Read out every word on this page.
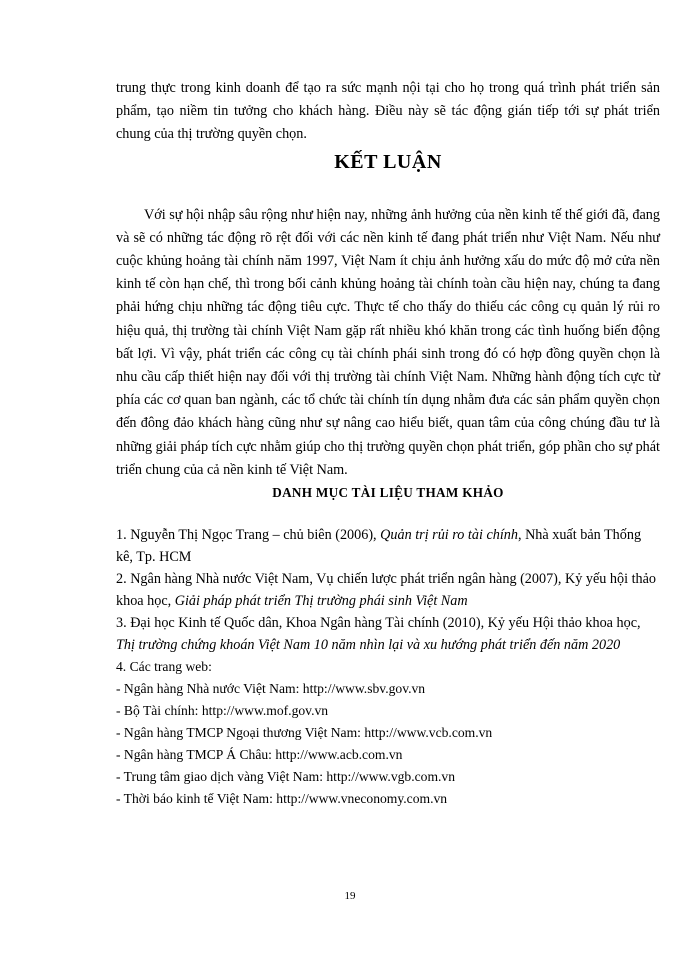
trung thực trong kinh doanh để tạo ra sức mạnh nội tại cho họ trong quá trình phát triển sản phẩm, tạo niềm tin tưởng cho khách hàng. Điều này sẽ tác động gián tiếp tới sự phát triển chung của thị trường quyền chọn.

KẾT LUẬN

Với sự hội nhập sâu rộng như hiện nay, những ảnh hưởng của nền kinh tế thế giới đã, đang và sẽ có những tác động rõ rệt đối với các nền kinh tế đang phát triển như Việt Nam. Nếu như cuộc khủng hoảng tài chính năm 1997, Việt Nam ít chịu ảnh hưởng xấu do mức độ mở cửa nền kinh tế còn hạn chế, thì trong bối cảnh khủng hoảng tài chính toàn cầu hiện nay, chúng ta đang phải hứng chịu những tác động tiêu cực. Thực tế cho thấy do thiếu các công cụ quản lý rủi ro hiệu quả, thị trường tài chính Việt Nam gặp rất nhiều khó khăn trong các tình huống biến động bất lợi. Vì vậy, phát triển các công cụ tài chính phái sinh trong đó có hợp đồng quyền chọn là nhu cầu cấp thiết hiện nay đối với thị trường tài chính Việt Nam. Những hành động tích cực từ phía các cơ quan ban ngành, các tổ chức tài chính tín dụng nhằm đưa các sản phẩm quyền chọn đến đông đảo khách hàng cũng như sự nâng cao hiểu biết, quan tâm của công chúng đầu tư là những giải pháp tích cực nhằm giúp cho thị trường quyền chọn phát triển, góp phần cho sự phát triển chung của cả nền kinh tế Việt Nam.

DANH MỤC TÀI LIỆU THAM KHẢO

1. Nguyễn Thị Ngọc Trang – chủ biên (2006), Quản trị rủi ro tài chính, Nhà xuất bản Thống kê, Tp. HCM

2. Ngân hàng Nhà nước Việt Nam, Vụ chiến lược phát triển ngân hàng (2007), Kỷ yếu hội thảo khoa học, Giải pháp phát triển Thị trường phái sinh Việt Nam

3. Đại học Kinh tế Quốc dân, Khoa Ngân hàng Tài chính (2010), Kỷ yếu Hội thảo khoa học, Thị trường chứng khoán Việt Nam 10 năm nhìn lại và xu hướng phát triển đến năm 2020

4. Các trang web:

- Ngân hàng Nhà nước Việt Nam: http://www.sbv.gov.vn

- Bộ Tài chính: http://www.mof.gov.vn

- Ngân hàng TMCP Ngoại thương Việt Nam: http://www.vcb.com.vn

- Ngân hàng TMCP Á Châu: http://www.acb.com.vn

- Trung tâm giao dịch vàng Việt Nam: http://www.vgb.com.vn

- Thời báo kinh tế Việt Nam: http://www.vneconomy.com.vn

19
